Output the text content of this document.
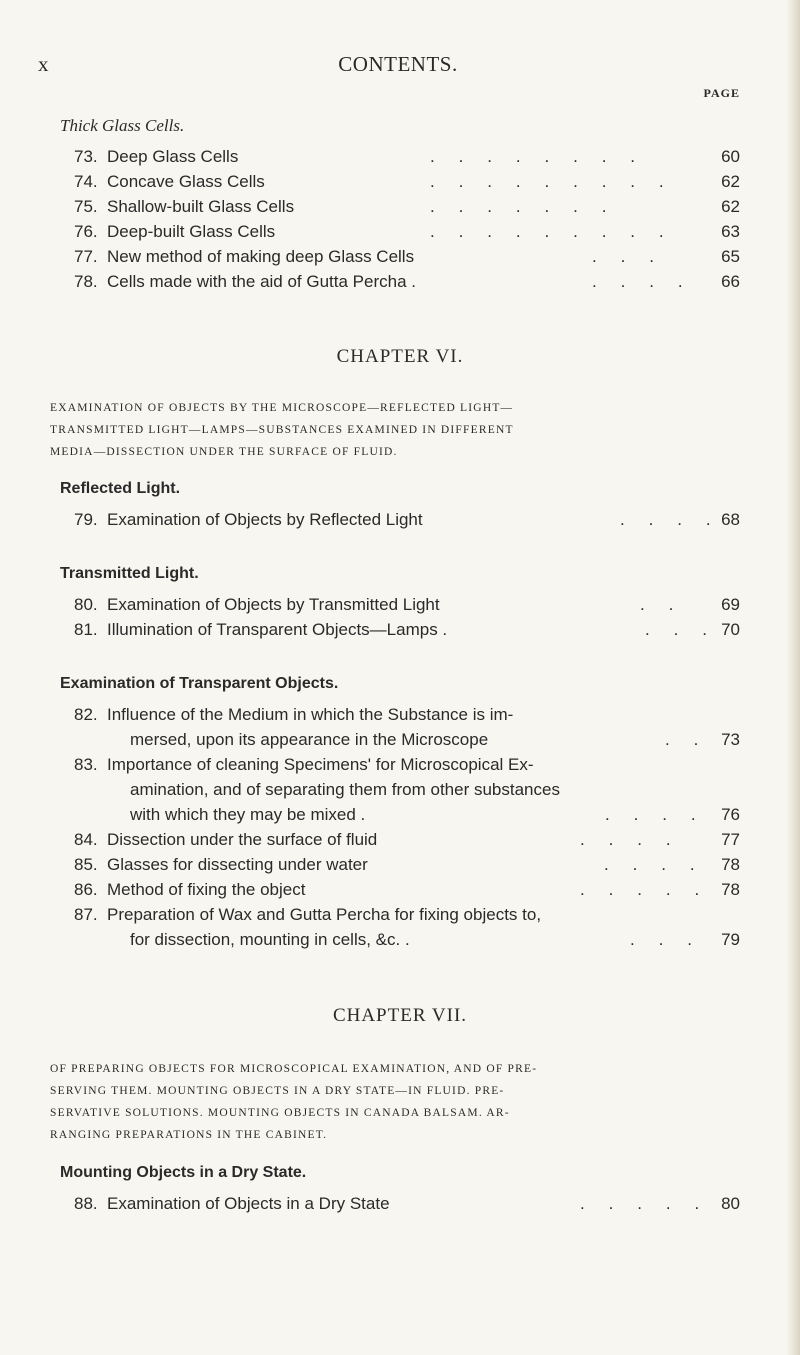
x	CONTENTS.
PAGE
Thick Glass Cells.
73. Deep Glass Cells	.    .    .    .    .    .    .    .	60
74. Concave Glass Cells	.    .    .    .    .    .    .    .    .	62
75. Shallow-built Glass Cells	.    .    .    .    .    .    .	62
76. Deep-built Glass Cells	.    .    .    .    .    .    .    .    .	63
77. New method of making deep Glass Cells	.    .    .	65
78. Cells made with the aid of Gutta Percha .	.    .    .    .	66
CHAPTER VI.
EXAMINATION OF OBJECTS BY THE MICROSCOPE—REFLECTED LIGHT—
TRANSMITTED LIGHT—LAMPS—SUBSTANCES EXAMINED IN DIFFERENT
MEDIA—DISSECTION UNDER THE SURFACE OF FLUID.
Reflected Light.
79. Examination of Objects by Reflected Light	.    .    .    . 68
Transmitted Light.
80. Examination of Objects by Transmitted Light	.    .	69
81. Illumination of Transparent Objects—Lamps .	.    .    . 70
Examination of Transparent Objects.
82. Influence of the Medium in which the Substance is im-
mersed, upon its appearance in the Microscope	.    .	73
83. Importance of cleaning Specimens' for Microscopical Ex-
amination, and of separating them from other substances
with which they may be mixed .	.    .    .    .	76
84. Dissection under the surface of fluid	.    .    .    .	77
85. Glasses for dissecting under water	.    .    .    .	78
86. Method of fixing the object	.    .    .    .    .	78
87. Preparation of Wax and Gutta Percha for fixing objects to,
for dissection, mounting in cells, &c. .	.    .    .	79
CHAPTER VII.
OF PREPARING OBJECTS FOR MICROSCOPICAL EXAMINATION, AND OF PRE-
SERVING THEM. MOUNTING OBJECTS IN A DRY STATE—IN FLUID. PRE-
SERVATIVE SOLUTIONS. MOUNTING OBJECTS IN CANADA BALSAM. AR-
RANGING PREPARATIONS IN THE CABINET.
Mounting Objects in a Dry State.
88. Examination of Objects in a Dry State	.    .    .    .    .	80
